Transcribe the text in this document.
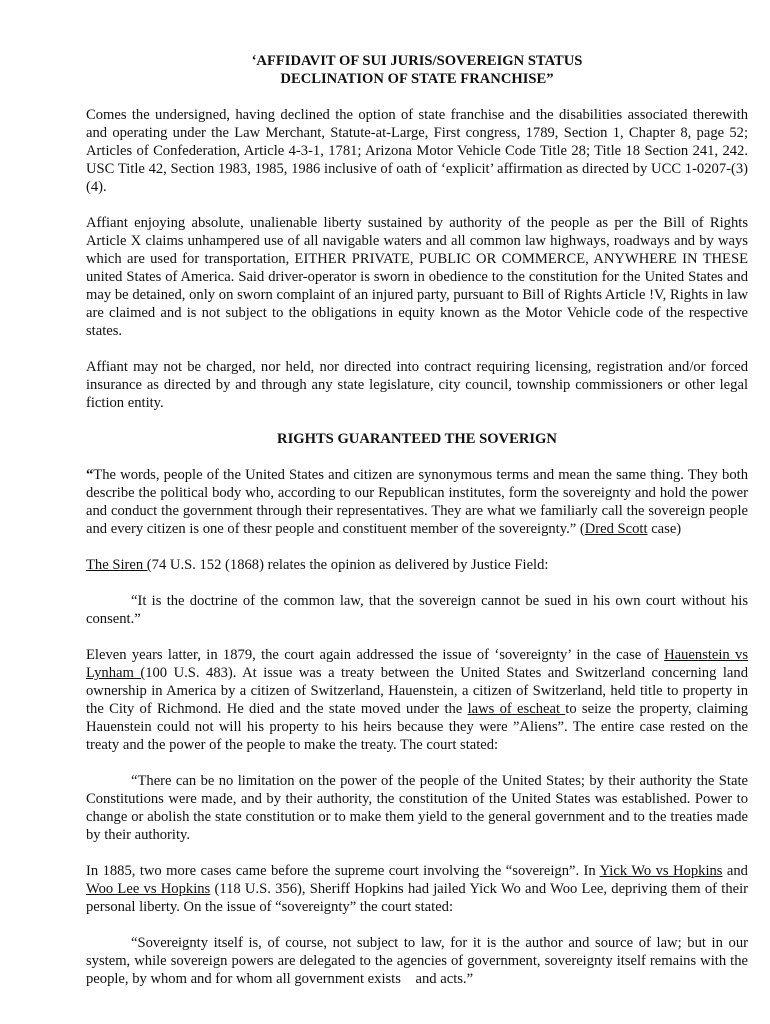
‘AFFIDAVIT OF SUI JURIS/SOVEREIGN STATUS
DECLINATION OF STATE FRANCHISE”

Comes the undersigned, having declined the option of state franchise and the disabilities associated therewith and operating under the Law Merchant, Statute-at-Large, First congress, 1789, Section 1, Chapter 8, page 52; Articles of Confederation, Article 4-3-1, 1781; Arizona Motor Vehicle Code Title 28; Title 18 Section 241, 242. USC Title 42, Section 1983, 1985, 1986 inclusive of oath of ‘explicit’ affirmation as directed by UCC 1-0207-(3)(4).

Affiant enjoying absolute, unalienable liberty sustained by authority of the people as per the Bill of Rights Article X claims unhampered use of all navigable waters and all common law highways, roadways and by ways which are used for transportation, EITHER PRIVATE, PUBLIC OR COMMERCE, ANYWHERE IN THESE united States of America. Said driver-operator is sworn in obedience to the constitution for the United States and may be detained, only on sworn complaint of an injured party, pursuant to Bill of Rights Article !V, Rights in law are claimed and is not subject to the obligations in equity known as the Motor Vehicle code of the respective states.

Affiant may not be charged, nor held, nor directed into contract requiring licensing, registration and/or forced insurance as directed by and through any state legislature, city council, township commissioners or other legal fiction entity.

RIGHTS GUARANTEED THE SOVERIGN

“The words, people of the United States and citizen are synonymous terms and mean the same thing. They both describe the political body who, according to our Republican institutes, form the sovereignty and hold the power and conduct the government through their representatives. They are what we familiarly call the sovereign people and every citizen is one of thesr people and constituent member of the sovereignty.” (Dred Scott case)

The Siren (74 U.S. 152 (1868) relates the opinion as delivered by Justice Field:

“It is the doctrine of the common law, that the sovereign cannot be sued in his own court without his consent.”

Eleven years latter, in 1879, the court again addressed the issue of ‘sovereignty’ in the case of Hauenstein vs Lynham (100 U.S. 483). At issue was a treaty between the United States and Switzerland concerning land ownership in America by a citizen of Switzerland, Hauenstein, a citizen of Switzerland, held title to property in the City of Richmond. He died and the state moved under the laws of escheat to seize the property, claiming Hauenstein could not will his property to his heirs because they were ”Aliens”. The entire case rested on the treaty and the power of the people to make the treaty. The court stated:

“There can be no limitation on the power of the people of the United States; by their authority the State Constitutions were made, and by their authority, the constitution of the United States was established. Power to change or abolish the state constitution or to make them yield to the general government and to the treaties made by their authority.

In 1885, two more cases came before the supreme court involving the “sovereign”. In Yick Wo vs Hopkins and Woo Lee vs Hopkins (118 U.S. 356), Sheriff Hopkins had jailed Yick Wo and Woo Lee, depriving them of their personal liberty. On the issue of “sovereignty” the court stated:

“Sovereignty itself is, of course, not subject to law, for it is the author and source of law; but in our system, while sovereign powers are delegated to the agencies of government, sovereignty itself remains with the people, by whom and for whom all government exists    and acts.”
